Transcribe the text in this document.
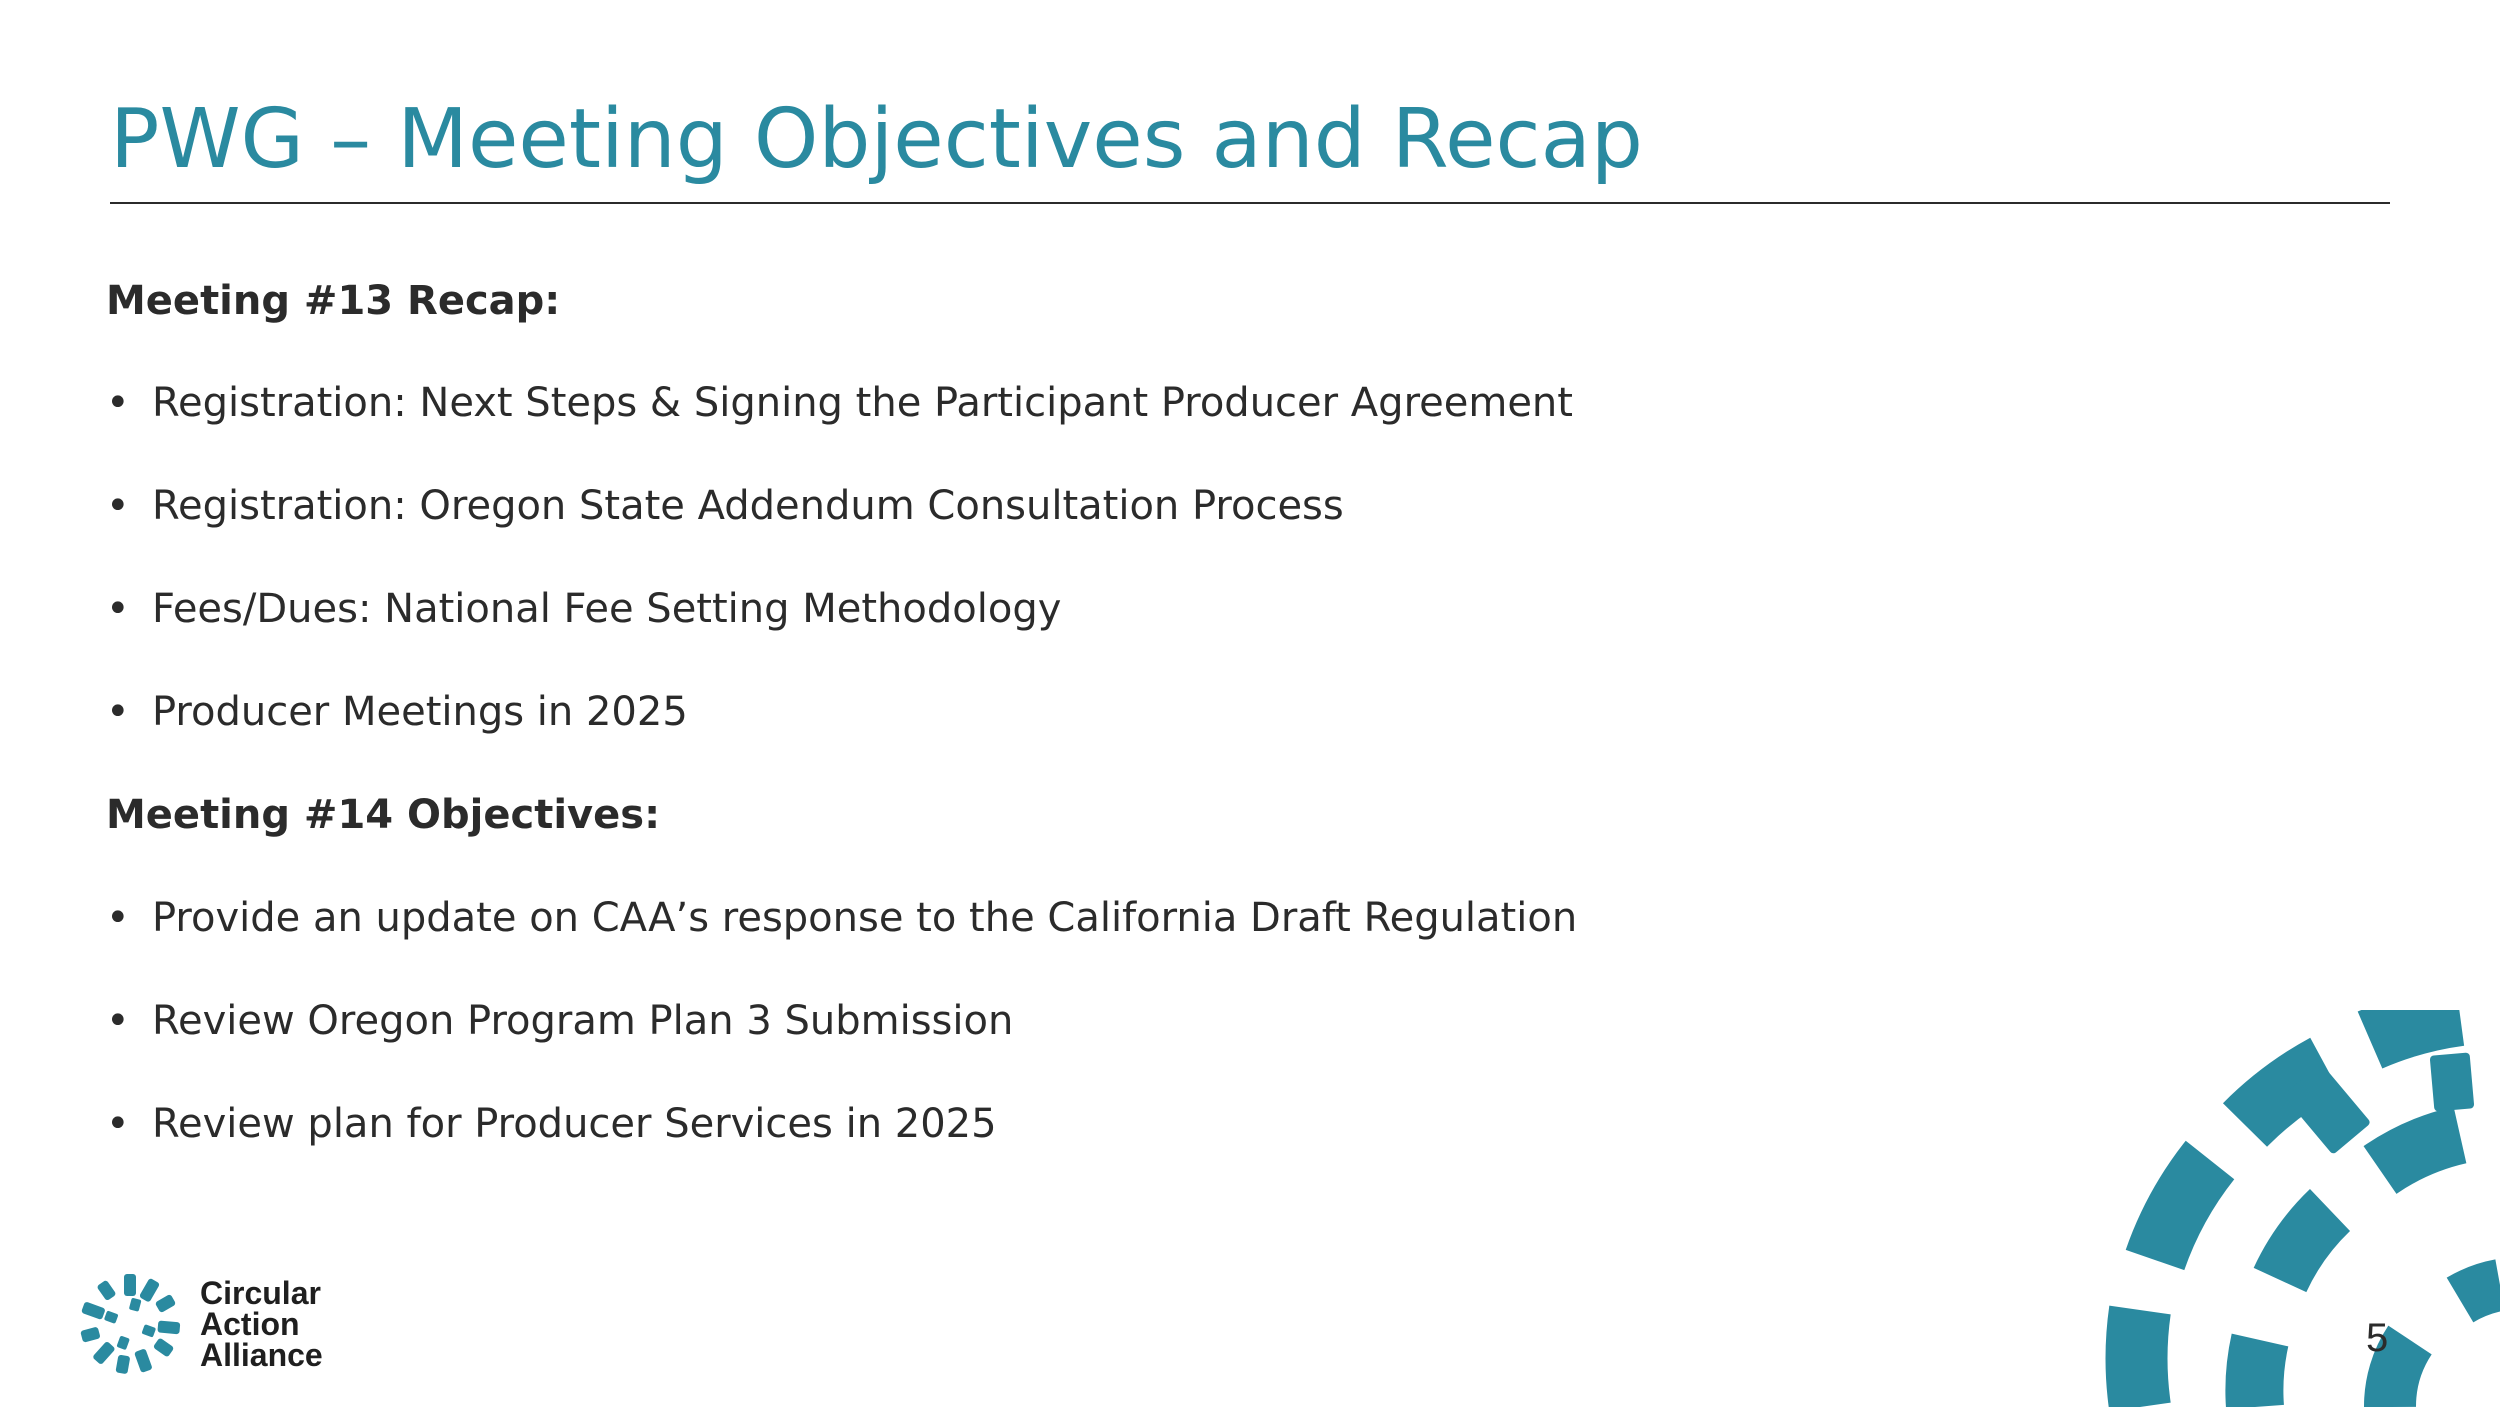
PWG – Meeting Objectives and Recap
Meeting #13 Recap:
• Registration: Next Steps & Signing the Participant Producer Agreement
• Registration: Oregon State Addendum Consultation Process
• Fees/Dues: National Fee Setting Methodology
• Producer Meetings in 2025
Meeting #14 Objectives:
• Provide an update on CAA’s response to the California Draft Regulation
• Review Oregon Program Plan 3 Submission
• Review plan for Producer Services in 2025
Circular
Action
Alliance	5
